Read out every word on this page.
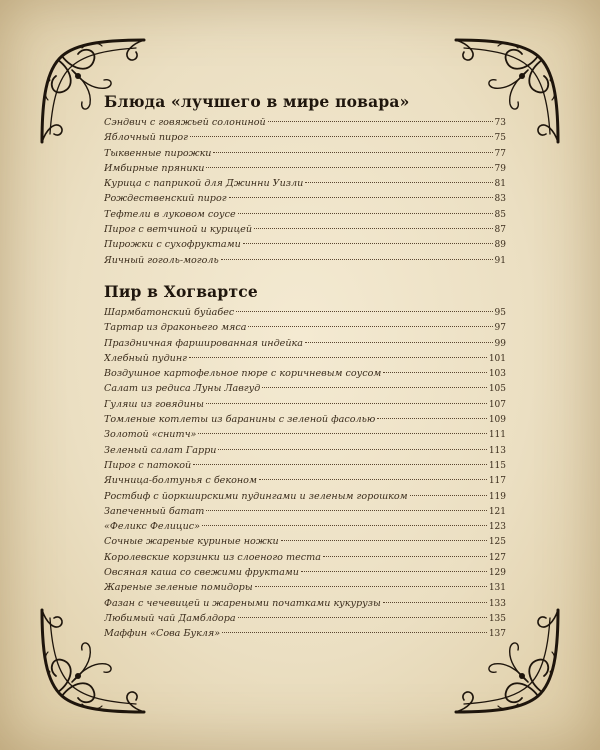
Блюда «лучшего в мире повара»
Сэндвич с говяжьей солониной	73
Яблочный пирог	75
Тыквенные пирожки	77
Имбирные пряники	79
Курица с паприкой для Джинни Уизли	81
Рождественский пирог	83
Тефтели в луковом соусе	85
Пирог с ветчиной и курицей	87
Пирожки с сухофруктами	89
Яичный гоголь-моголь	91
Пир в Хогвартсе
Шармбатонский буйабес	95
Тартар из драконьего мяса	97
Праздничная фаршированная индейка	99
Хлебный пудинг	101
Воздушное картофельное пюре с коричневым соусом	103
Салат из редиса Луны Лавгуд	105
Гуляш из говядины	107
Томленые котлеты из баранины с зеленой фасолью	109
Золотой «снитч»	111
Зеленый салат Гарри	113
Пирог с патокой	115
Яичница-болтунья с беконом	117
Ростбиф с йоркширскими пудингами и зеленым горошком	119
Запеченный батат	121
«Феликс Фелицис»	123
Сочные жареные куриные ножки	125
Королевские корзинки из слоеного теста	127
Овсяная каша со свежими фруктами	129
Жареные зеленые помидоры	131
Фазан с чечевицей и жареными початками кукурузы	133
Любимый чай Дамблдора	135
Маффин «Сова Букля»	137
